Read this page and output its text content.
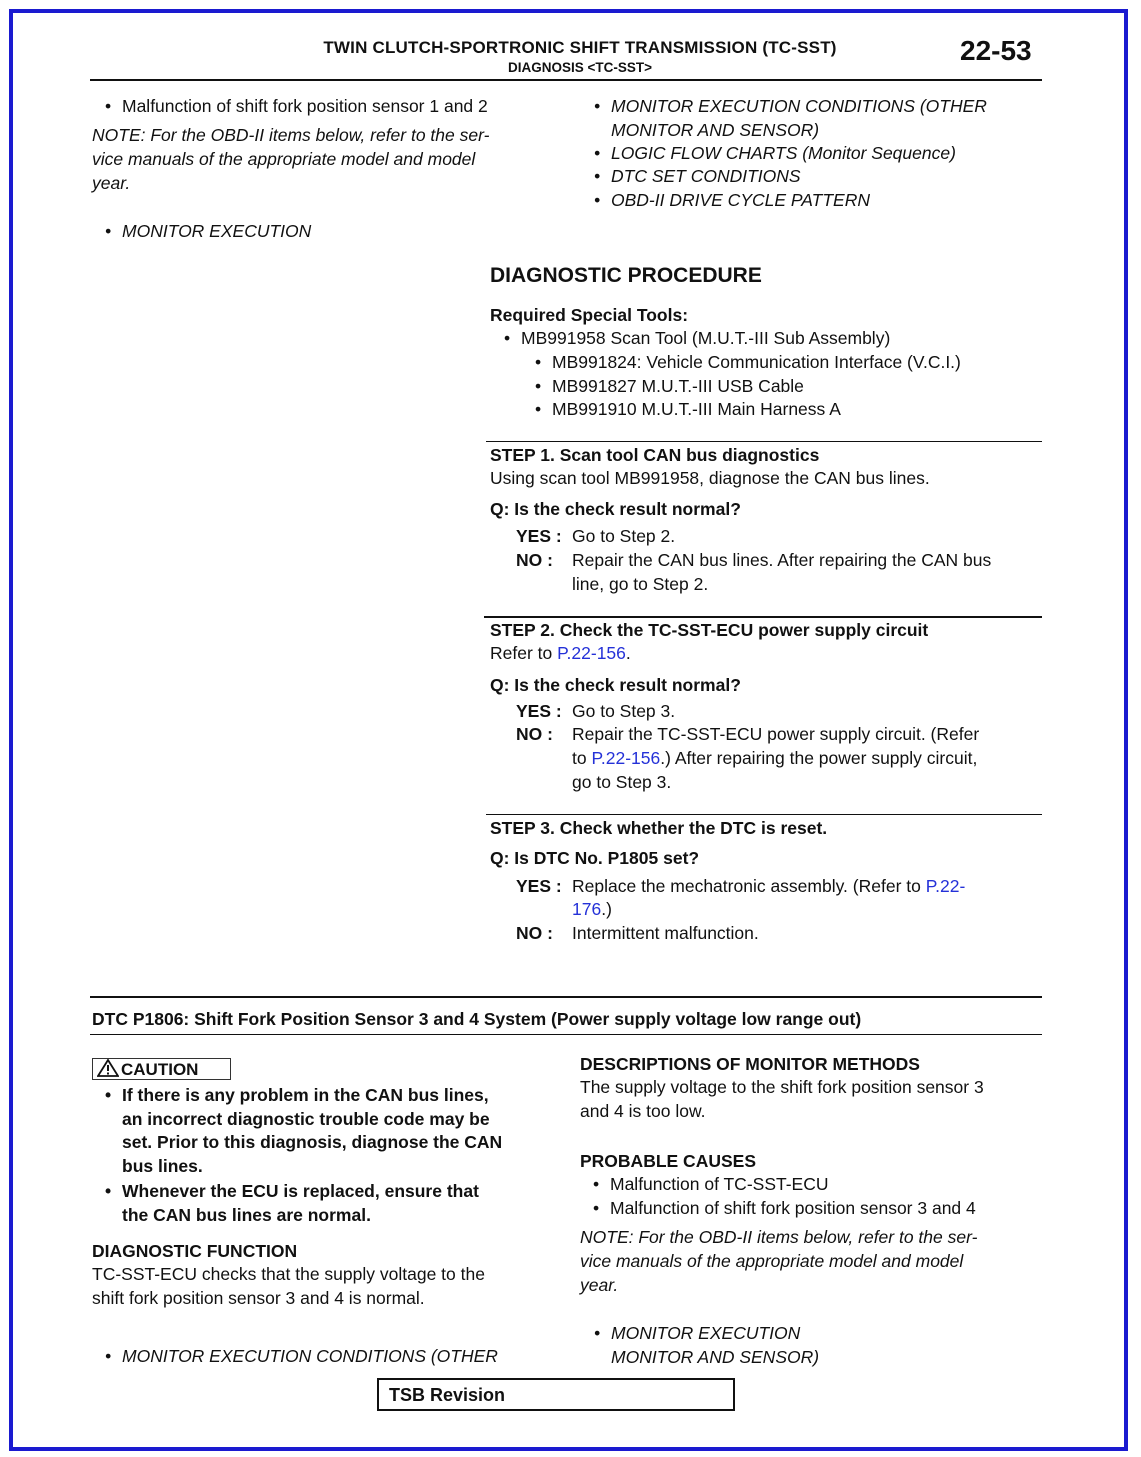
TWIN CLUTCH-SPORTRONIC SHIFT TRANSMISSION (TC-SST)
DIAGNOSIS <TC-SST>
22-53
• Malfunction of shift fork position sensor 1 and 2
NOTE: For the OBD-II items below, refer to the ser-
vice manuals of the appropriate model and model
year.
• MONITOR EXECUTION
• MONITOR EXECUTION CONDITIONS (OTHER
MONITOR AND SENSOR)
• LOGIC FLOW CHARTS (Monitor Sequence)
• DTC SET CONDITIONS
• OBD-II DRIVE CYCLE PATTERN
DIAGNOSTIC PROCEDURE
Required Special Tools:
• MB991958 Scan Tool (M.U.T.-III Sub Assembly)
• MB991824: Vehicle Communication Interface (V.C.I.)
• MB991827 M.U.T.-III USB Cable
• MB991910 M.U.T.-III Main Harness A
STEP 1. Scan tool CAN bus diagnostics
Using scan tool MB991958, diagnose the CAN bus lines.
Q: Is the check result normal?
YES : Go to Step 2.
NO : Repair the CAN bus lines. After repairing the CAN bus
line, go to Step 2.
STEP 2. Check the TC-SST-ECU power supply circuit
Refer to P.22-156.
Q: Is the check result normal?
YES : Go to Step 3.
NO : Repair the TC-SST-ECU power supply circuit. (Refer
to P.22-156.) After repairing the power supply circuit,
go to Step 3.
STEP 3. Check whether the DTC is reset.
Q: Is DTC No. P1805 set?
YES : Replace the mechatronic assembly. (Refer to P.22-
176.)
NO : Intermittent malfunction.
DTC P1806: Shift Fork Position Sensor 3 and 4 System (Power supply voltage low range out)
CAUTION
• If there is any problem in the CAN bus lines,
an incorrect diagnostic trouble code may be
set. Prior to this diagnosis, diagnose the CAN
bus lines.
• Whenever the ECU is replaced, ensure that
the CAN bus lines are normal.
DIAGNOSTIC FUNCTION
TC-SST-ECU checks that the supply voltage to the
shift fork position sensor 3 and 4 is normal.
• MONITOR EXECUTION CONDITIONS (OTHER
DESCRIPTIONS OF MONITOR METHODS
The supply voltage to the shift fork position sensor 3
and 4 is too low.
PROBABLE CAUSES
• Malfunction of TC-SST-ECU
• Malfunction of shift fork position sensor 3 and 4
NOTE: For the OBD-II items below, refer to the ser-
vice manuals of the appropriate model and model
year.
• MONITOR EXECUTION
MONITOR AND SENSOR)
TSB Revision
